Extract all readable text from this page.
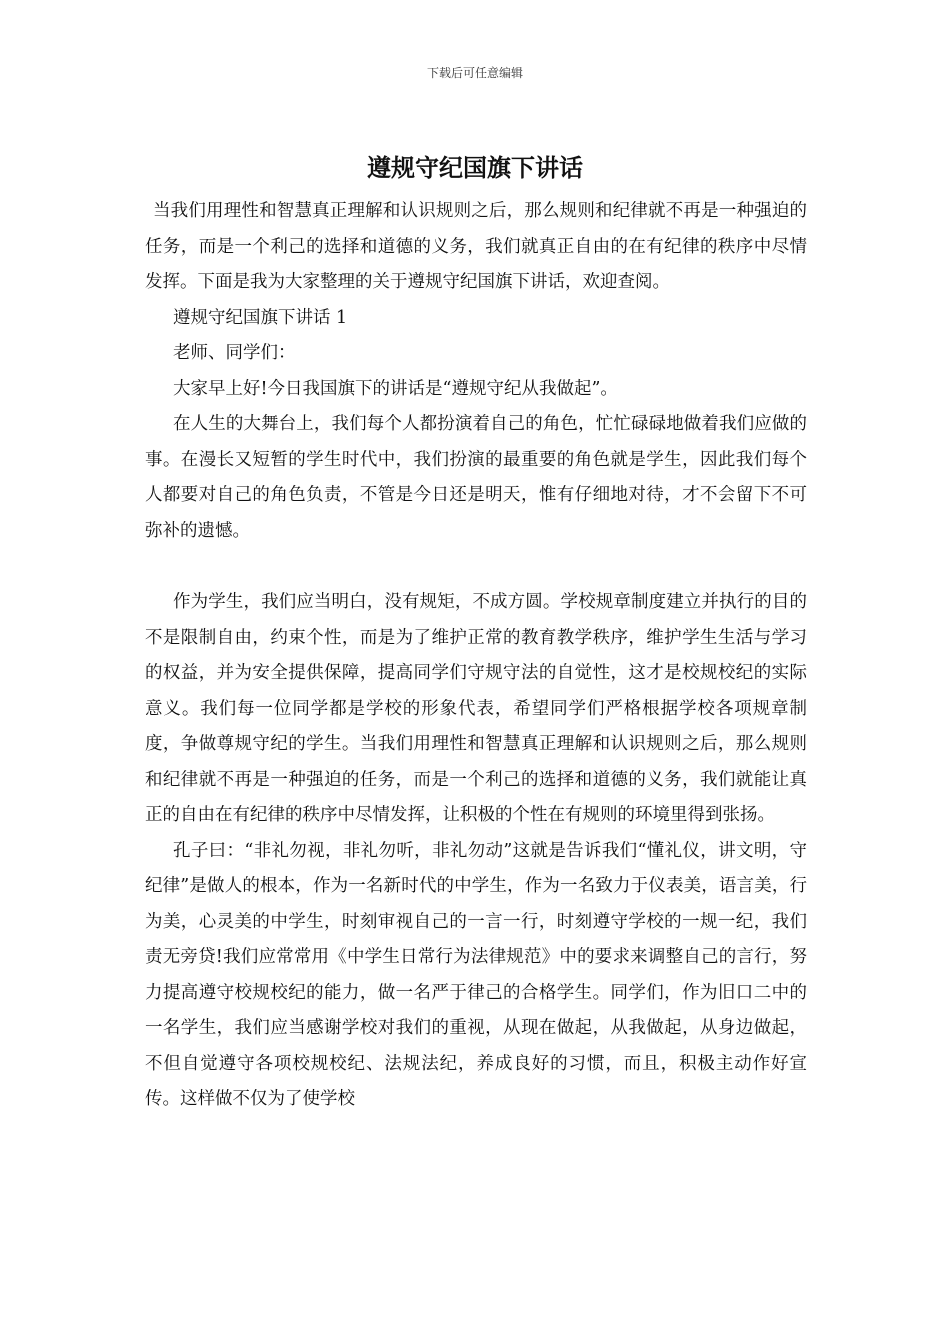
下载后可任意编辑
遵规守纪国旗下讲话

当我们用理性和智慧真正理解和认识规则之后，那么规则和纪律就不再是一种强迫的任务，而是一个利己的选择和道德的义务，我们就真正自由的在有纪律的秩序中尽情发挥。下面是我为大家整理的关于遵规守纪国旗下讲话，欢迎查阅。

遵规守纪国旗下讲话 1

老师、同学们：

大家早上好!今日我国旗下的讲话是“遵规守纪从我做起”。

在人生的大舞台上，我们每个人都扮演着自己的角色，忙忙碌碌地做着我们应做的事。在漫长又短暂的学生时代中，我们扮演的最重要的角色就是学生，因此我们每个人都要对自己的角色负责，不管是今日还是明天，惟有仔细地对待，才不会留下不可弥补的遗憾。

作为学生，我们应当明白，没有规矩，不成方圆。学校规章制度建立并执行的目的不是限制自由，约束个性，而是为了维护正常的教育教学秩序，维护学生生活与学习的权益，并为安全提供保障，提高同学们守规守法的自觉性，这才是校规校纪的实际意义。我们每一位同学都是学校的形象代表，希望同学们严格根据学校各项规章制度，争做尊规守纪的学生。当我们用理性和智慧真正理解和认识规则之后，那么规则和纪律就不再是一种强迫的任务，而是一个利己的选择和道德的义务，我们就能让真正的自由在有纪律的秩序中尽情发挥，让积极的个性在有规则的环境里得到张扬。

孔子曰：“非礼勿视，非礼勿听，非礼勿动”这就是告诉我们“懂礼仪，讲文明，守纪律”是做人的根本，作为一名新时代的中学生，作为一名致力于仪表美，语言美，行为美，心灵美的中学生，时刻审视自己的一言一行，时刻遵守学校的一规一纪，我们责无旁贷!我们应常常用《中学生日常行为法律规范》中的要求来调整自己的言行，努力提高遵守校规校纪的能力，做一名严于律己的合格学生。同学们，作为旧口二中的一名学生，我们应当感谢学校对我们的重视，从现在做起，从我做起，从身边做起，不但自觉遵守各项校规校纪、法规法纪，养成良好的习惯，而且，积极主动作好宣传。这样做不仅为了使学校
